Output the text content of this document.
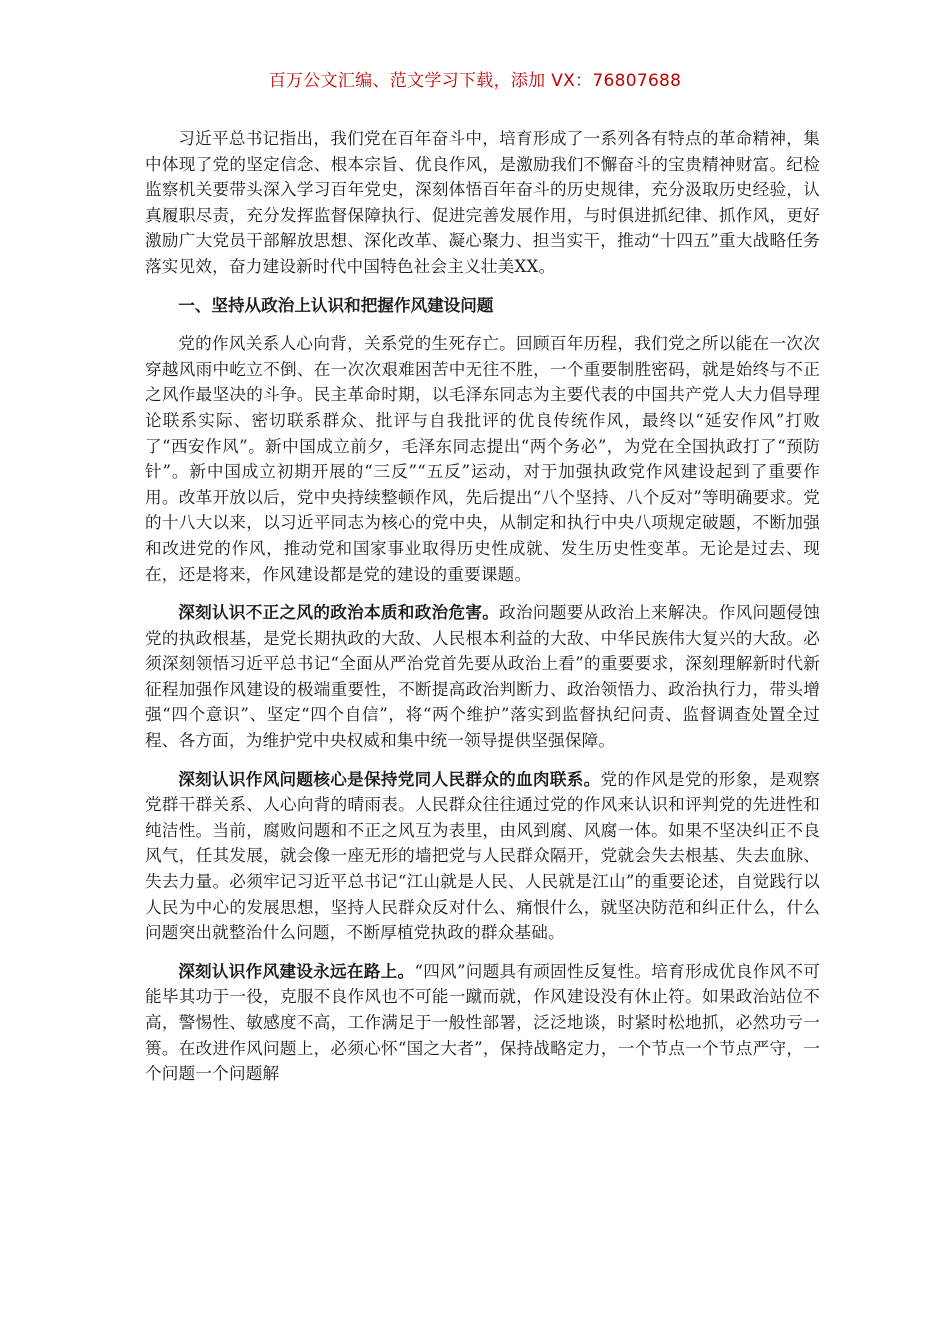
百万公文汇编、范文学习下载，添加 VX：76807688

习近平总书记指出，我们党在百年奋斗中，培育形成了一系列各有特点的革命精神，集中体现了党的坚定信念、根本宗旨、优良作风，是激励我们不懈奋斗的宝贵精神财富。纪检监察机关要带头深入学习百年党史，深刻体悟百年奋斗的历史规律，充分汲取历史经验，认真履职尽责，充分发挥监督保障执行、促进完善发展作用，与时俱进抓纪律、抓作风，更好激励广大党员干部解放思想、深化改革、凝心聚力、担当实干，推动“十四五”重大战略任务落实见效，奋力建设新时代中国特色社会主义壮美XX。

一、坚持从政治上认识和把握作风建设问题

党的作风关系人心向背，关系党的生死存亡。回顾百年历程，我们党之所以能在一次次穿越风雨中屹立不倒、在一次次艰难困苦中无往不胜，一个重要制胜密码，就是始终与不正之风作最坚决的斗争。民主革命时期，以毛泽东同志为主要代表的中国共产党人大力倡导理论联系实际、密切联系群众、批评与自我批评的优良传统作风，最终以“延安作风”打败了“西安作风”。新中国成立前夕，毛泽东同志提出“两个务必”，为党在全国执政打了“预防针”。新中国成立初期开展的“三反”“五反”运动，对于加强执政党作风建设起到了重要作用。改革开放以后，党中央持续整顿作风，先后提出“八个坚持、八个反对”等明确要求。党的十八大以来，以习近平同志为核心的党中央，从制定和执行中央八项规定破题，不断加强和改进党的作风，推动党和国家事业取得历史性成就、发生历史性变革。无论是过去、现在，还是将来，作风建设都是党的建设的重要课题。

深刻认识不正之风的政治本质和政治危害。政治问题要从政治上来解决。作风问题侵蚀党的执政根基，是党长期执政的大敌、人民根本利益的大敌、中华民族伟大复兴的大敌。必须深刻领悟习近平总书记“全面从严治党首先要从政治上看”的重要要求，深刻理解新时代新征程加强作风建设的极端重要性，不断提高政治判断力、政治领悟力、政治执行力，带头增强“四个意识”、坚定“四个自信”，将“两个维护”落实到监督执纪问责、监督调查处置全过程、各方面，为维护党中央权威和集中统一领导提供坚强保障。

深刻认识作风问题核心是保持党同人民群众的血肉联系。党的作风是党的形象，是观察党群干群关系、人心向背的晴雨表。人民群众往往通过党的作风来认识和评判党的先进性和纯洁性。当前，腐败问题和不正之风互为表里，由风到腐、风腐一体。如果不坚决纠正不良风气，任其发展，就会像一座无形的墙把党与人民群众隔开，党就会失去根基、失去血脉、失去力量。必须牢记习近平总书记“江山就是人民、人民就是江山”的重要论述，自觉践行以人民为中心的发展思想，坚持人民群众反对什么、痛恨什么，就坚决防范和纠正什么，什么问题突出就整治什么问题，不断厚植党执政的群众基础。

深刻认识作风建设永远在路上。“四风”问题具有顽固性反复性。培育形成优良作风不可能毕其功于一役，克服不良作风也不可能一蹴而就，作风建设没有休止符。如果政治站位不高，警惕性、敏感度不高，工作满足于一般性部署，泛泛地谈，时紧时松地抓，必然功亏一篑。在改进作风问题上，必须心怀“国之大者”，保持战略定力，一个节点一个节点严守，一个问题一个问题解
